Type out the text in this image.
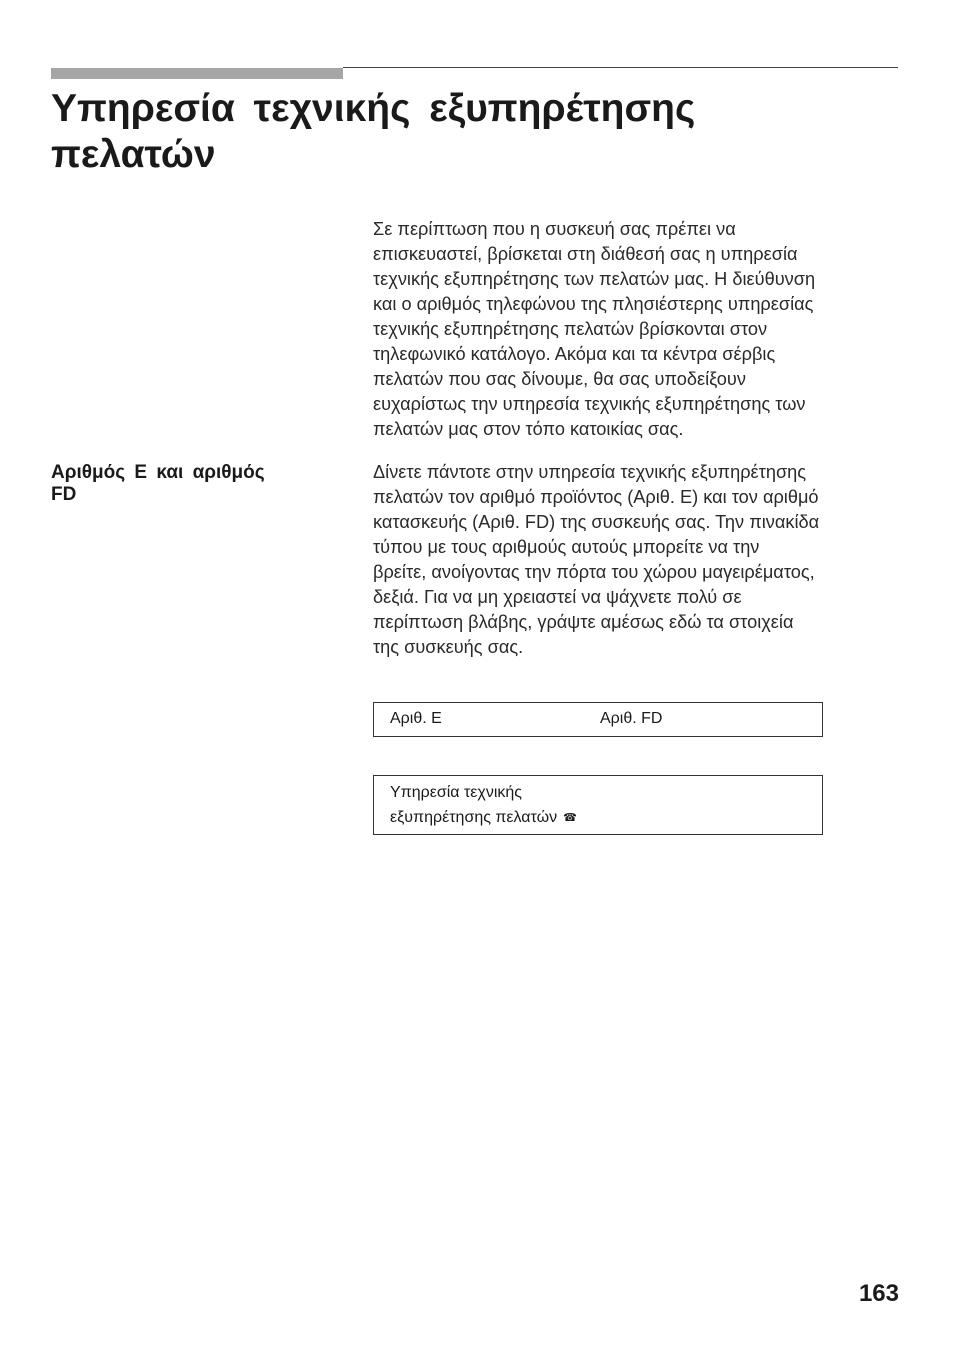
Υπηρεσία τεχνικής εξυπηρέτησης
πελατών
Σε περίπτωση που η συσκευή σας πρέπει να
επισκευαστεί, βρίσκεται στη διάθεσή σας η υπηρεσία
τεχνικής εξυπηρέτησης των πελατών μας. Η διεύθυνση
και ο αριθμός τηλεφώνου της πλησιέστερης υπηρεσίας
τεχνικής εξυπηρέτησης πελατών βρίσκονται στον
τηλεφωνικό κατάλογο. Ακόμα και τα κέντρα σέρβις
πελατών που σας δίνουμε, θα σας υποδείξουν
ευχαρίστως την υπηρεσία τεχνικής εξυπηρέτησης των
πελατών μας στον τόπο κατοικίας σας.
Αριθμός Ε και αριθμός
FD
Δίνετε πάντοτε στην υπηρεσία τεχνικής εξυπηρέτησης
πελατών τον αριθμό προϊόντος (Αριθ. Ε) και τον αριθμό
κατασκευής (Αριθ. FD) της συσκευής σας. Την πινακίδα
τύπου με τους αριθμούς αυτούς μπορείτε να την
βρείτε, ανοίγοντας την πόρτα του χώρου μαγειρέματος,
δεξιά. Για να μη χρειαστεί να ψάχνετε πολύ σε
περίπτωση βλάβης, γράψτε αμέσως εδώ τα στοιχεία
της συσκευής σας.
Αριθ. Ε	Αριθ. FD
Υπηρεσία τεχνικής
εξυπηρέτησης πελατών ☎
163
